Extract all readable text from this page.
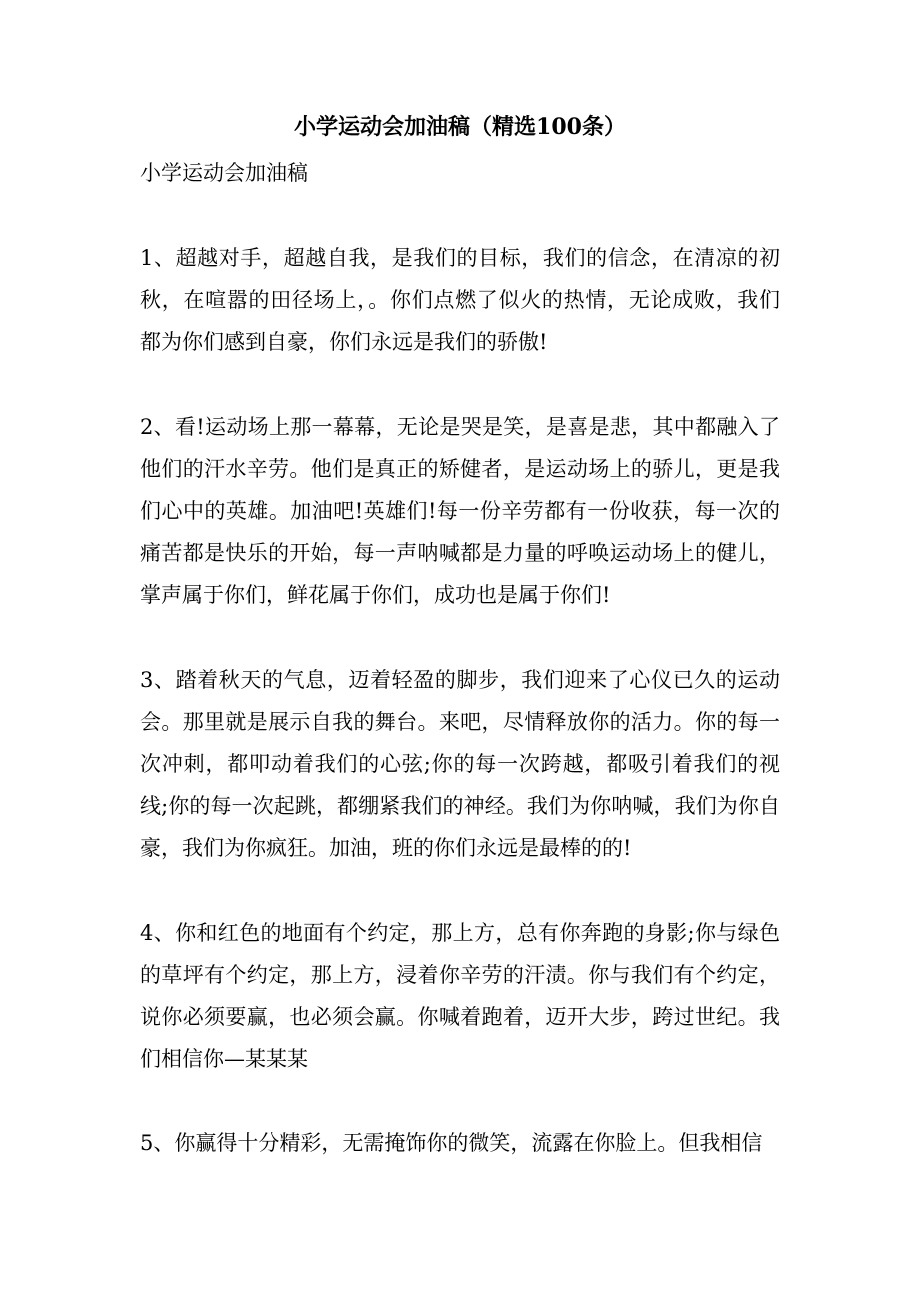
小学运动会加油稿（精选100条）
小学运动会加油稿

1、超越对手，超越自我，是我们的目标，我们的信念，在清凉的初秋，在喧嚣的田径场上，。你们点燃了似火的热情，无论成败，我们都为你们感到自豪，你们永远是我们的骄傲!

2、看!运动场上那一幕幕，无论是哭是笑，是喜是悲，其中都融入了他们的汗水辛劳。他们是真正的矫健者，是运动场上的骄儿，更是我们心中的英雄。加油吧!英雄们!每一份辛劳都有一份收获，每一次的痛苦都是快乐的开始，每一声呐喊都是力量的呼唤运动场上的健儿，掌声属于你们，鲜花属于你们，成功也是属于你们!

3、踏着秋天的气息，迈着轻盈的脚步，我们迎来了心仪已久的运动会。那里就是展示自我的舞台。来吧，尽情释放你的活力。你的每一次冲刺，都叩动着我们的心弦;你的每一次跨越，都吸引着我们的视线;你的每一次起跳，都绷紧我们的神经。我们为你呐喊，我们为你自豪，我们为你疯狂。加油，班的你们永远是最棒的的!

4、你和红色的地面有个约定，那上方，总有你奔跑的身影;你与绿色的草坪有个约定，那上方，浸着你辛劳的汗渍。你与我们有个约定，说你必须要赢，也必须会赢。你喊着跑着，迈开大步，跨过世纪。我们相信你—某某某

5、你赢得十分精彩，无需掩饰你的微笑，流露在你脸上。但我相信
